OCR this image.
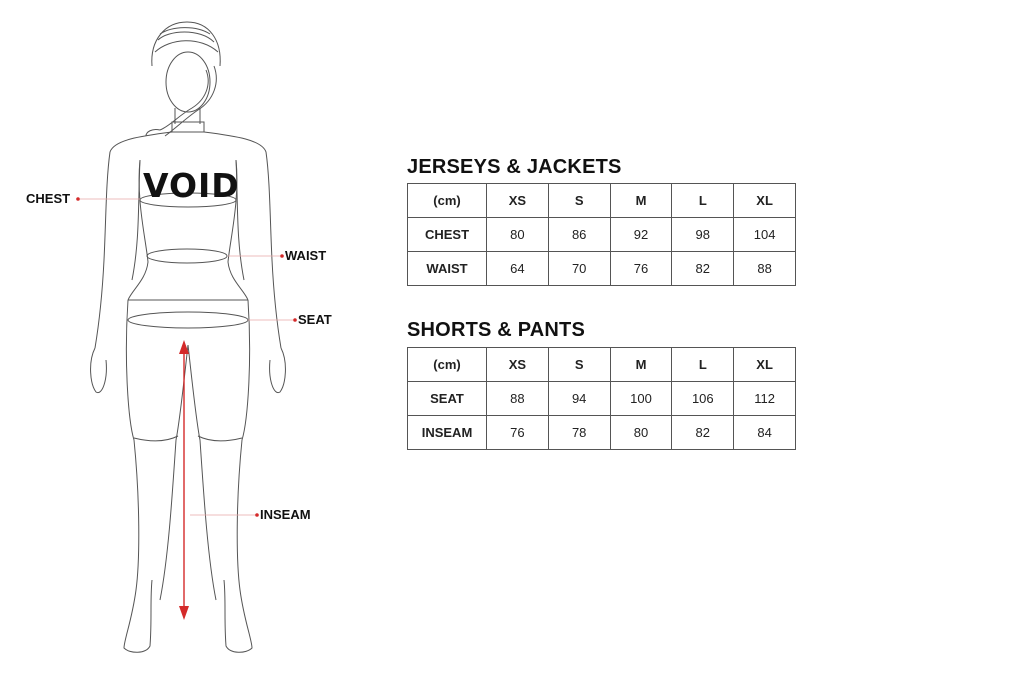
VOID
CHEST
WAIST
SEAT
INSEAM
JERSEYS & JACKETS
(cm)	XS	S	M	L	XL
CHEST	80	86	92	98	104
WAIST	64	70	76	82	88
SHORTS & PANTS
(cm)	XS	S	M	L	XL
SEAT	88	94	100	106	112
INSEAM	76	78	80	82	84
